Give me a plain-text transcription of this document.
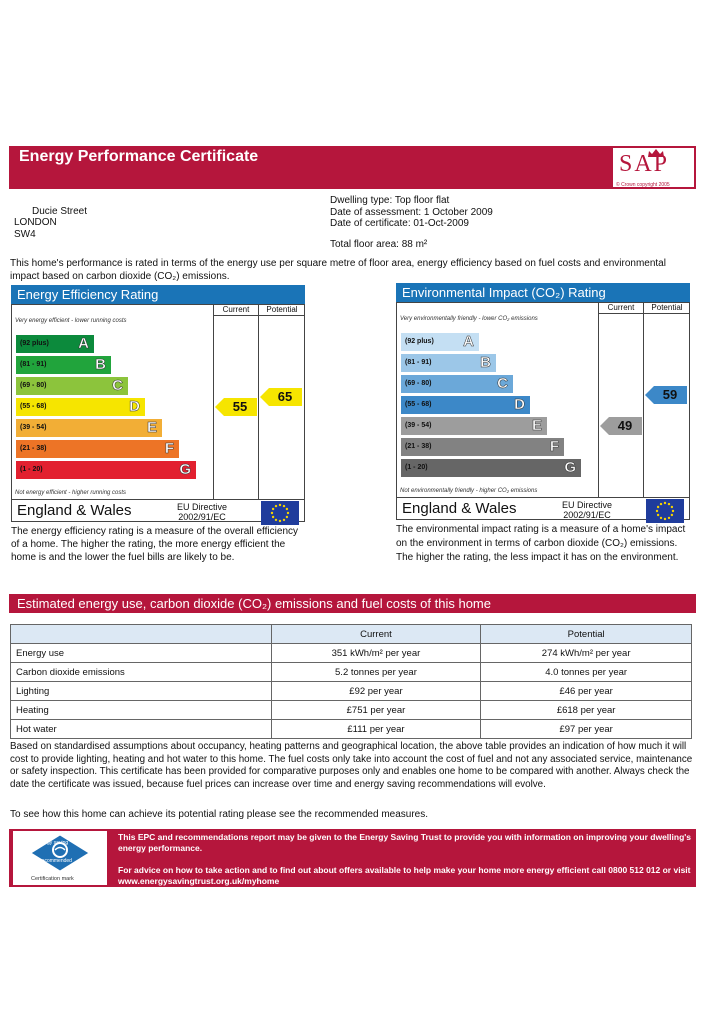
Energy Performance Certificate	SAP
© Crown copyright 2005
Ducie Street
LONDON
SW4
Dwelling type: Top floor flat
Date of assessment: 1 October 2009
Date of certificate: 01-Oct-2009
Total floor area: 88 m²
This home's performance is rated in terms of the energy use per square metre of floor area, energy efficiency based on fuel costs and environmental impact based on carbon dioxide (CO₂) emissions.
Energy Efficiency Rating
Current	Potential
Very energy efficient - lower running costs
(92 plus) A
(81 - 91)	B
(69 - 80)	C
(55 - 68)	D
(39 - 54)	E
(21 - 38)	F
(1 - 20)	G
Not energy efficient - higher running costs
55
65
England & Wales	EU Directive
2002/91/EC
The energy efficiency rating is a measure of the overall efficiency of a home. The higher the rating, the more energy efficient the home is and the lower the fuel bills are likely to be.
Environmental Impact (CO₂) Rating
Current	Potential
Very environmentally friendly - lower CO₂ emissions
(92 plus) A
(81 - 91)	B
(69 - 80)	C
(55 - 68)	D
(39 - 54)	E
(21 - 38)	F
(1 - 20)	G
Not environmentally friendly - higher CO₂ emissions
49
59
England & Wales	EU Directive
2002/91/EC
The environmental impact rating is a measure of a home's impact on the environment in terms of carbon dioxide (CO₂) emissions. The higher the rating, the less impact it has on the environment.
Estimated energy use, carbon dioxide (CO₂) emissions and fuel costs of this home
	Current	Potential
Energy use	351 kWh/m² per year	274 kWh/m² per year
Carbon dioxide emissions	5.2 tonnes per year	4.0 tonnes per year
Lighting	£92 per year	£46 per year
Heating	£751 per year	£618 per year
Hot water	£111 per year	£97 per year
Based on standardised assumptions about occupancy, heating patterns and geographical location, the above table provides an indication of how much it will cost to provide lighting, heating and hot water to this home. The fuel costs only take into account the cost of fuel and not any associated service, maintenance or safety inspection. This certificate has been provided for comparative purposes only and enables one home to be compared with another. Always check the date the certificate was issued, because fuel prices can increase over time and energy saving recommendations will evolve.
To see how this home can achieve its potential rating please see the recommended measures.
energy saving
recommended
Certification mark
This EPC and recommendations report may be given to the Energy Saving Trust to provide you with information on improving your dwelling's energy performance.
For advice on how to take action and to find out about offers available to help make your home more energy efficient call 0800 512 012 or visit www.energysavingtrust.org.uk/myhome
